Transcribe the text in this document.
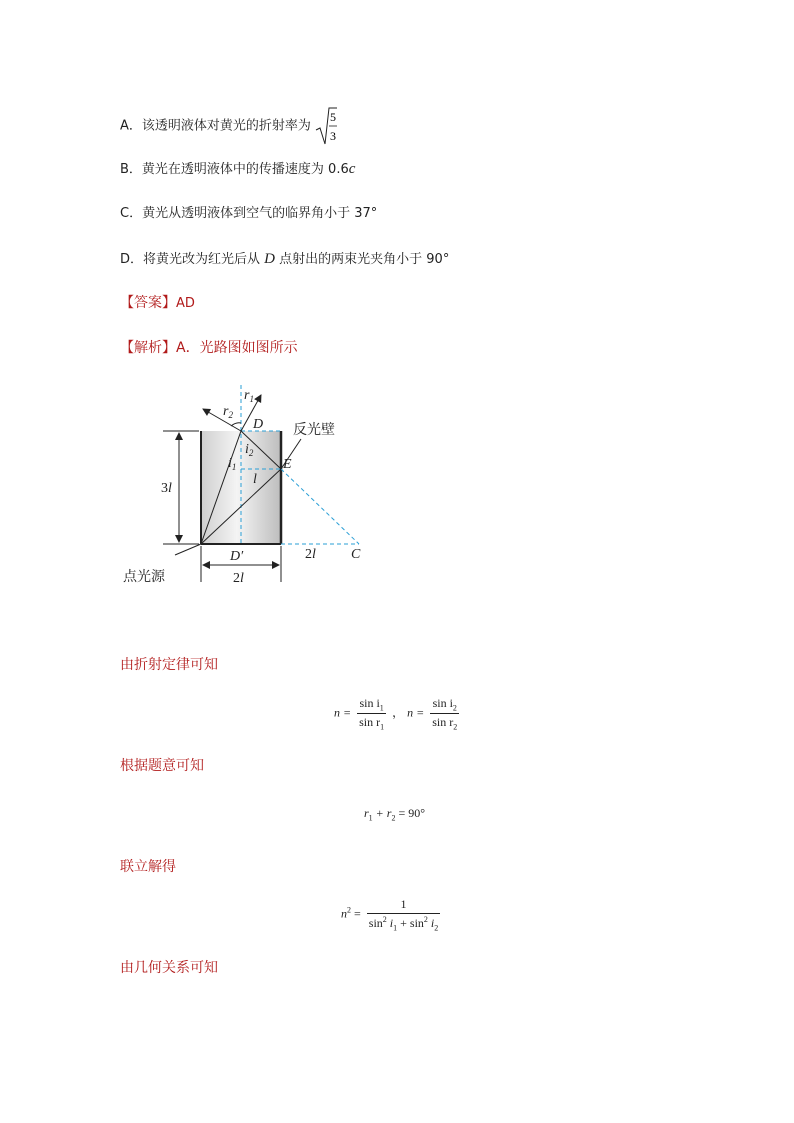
A．该透明液体对黄光的折射率为
5
3
B．黄光在透明液体中的传播速度为 0.6c
C．黄光从透明液体到空气的临界角小于 37°
D．将黄光改为红光后从 D 点射出的两束光夹角小于 90°
【答案】AD
【解析】A．光路图如图所示
$r_1$
$r_2$
D 反光壁
$i_2$
$i_1$	E
l
3l
D′	2l	C
点光源	2l
由折射定律可知
$n = \frac{\sin i_1}{\sin r_1}$ ， $n = \frac{\sin i_2}{\sin r_2}$
根据题意可知
$r_1 + r_2 = 90^\circ$
联立解得
$n^2 = \frac{1}{\sin^2 i_1 + \sin^2 i_2}$
由几何关系可知
